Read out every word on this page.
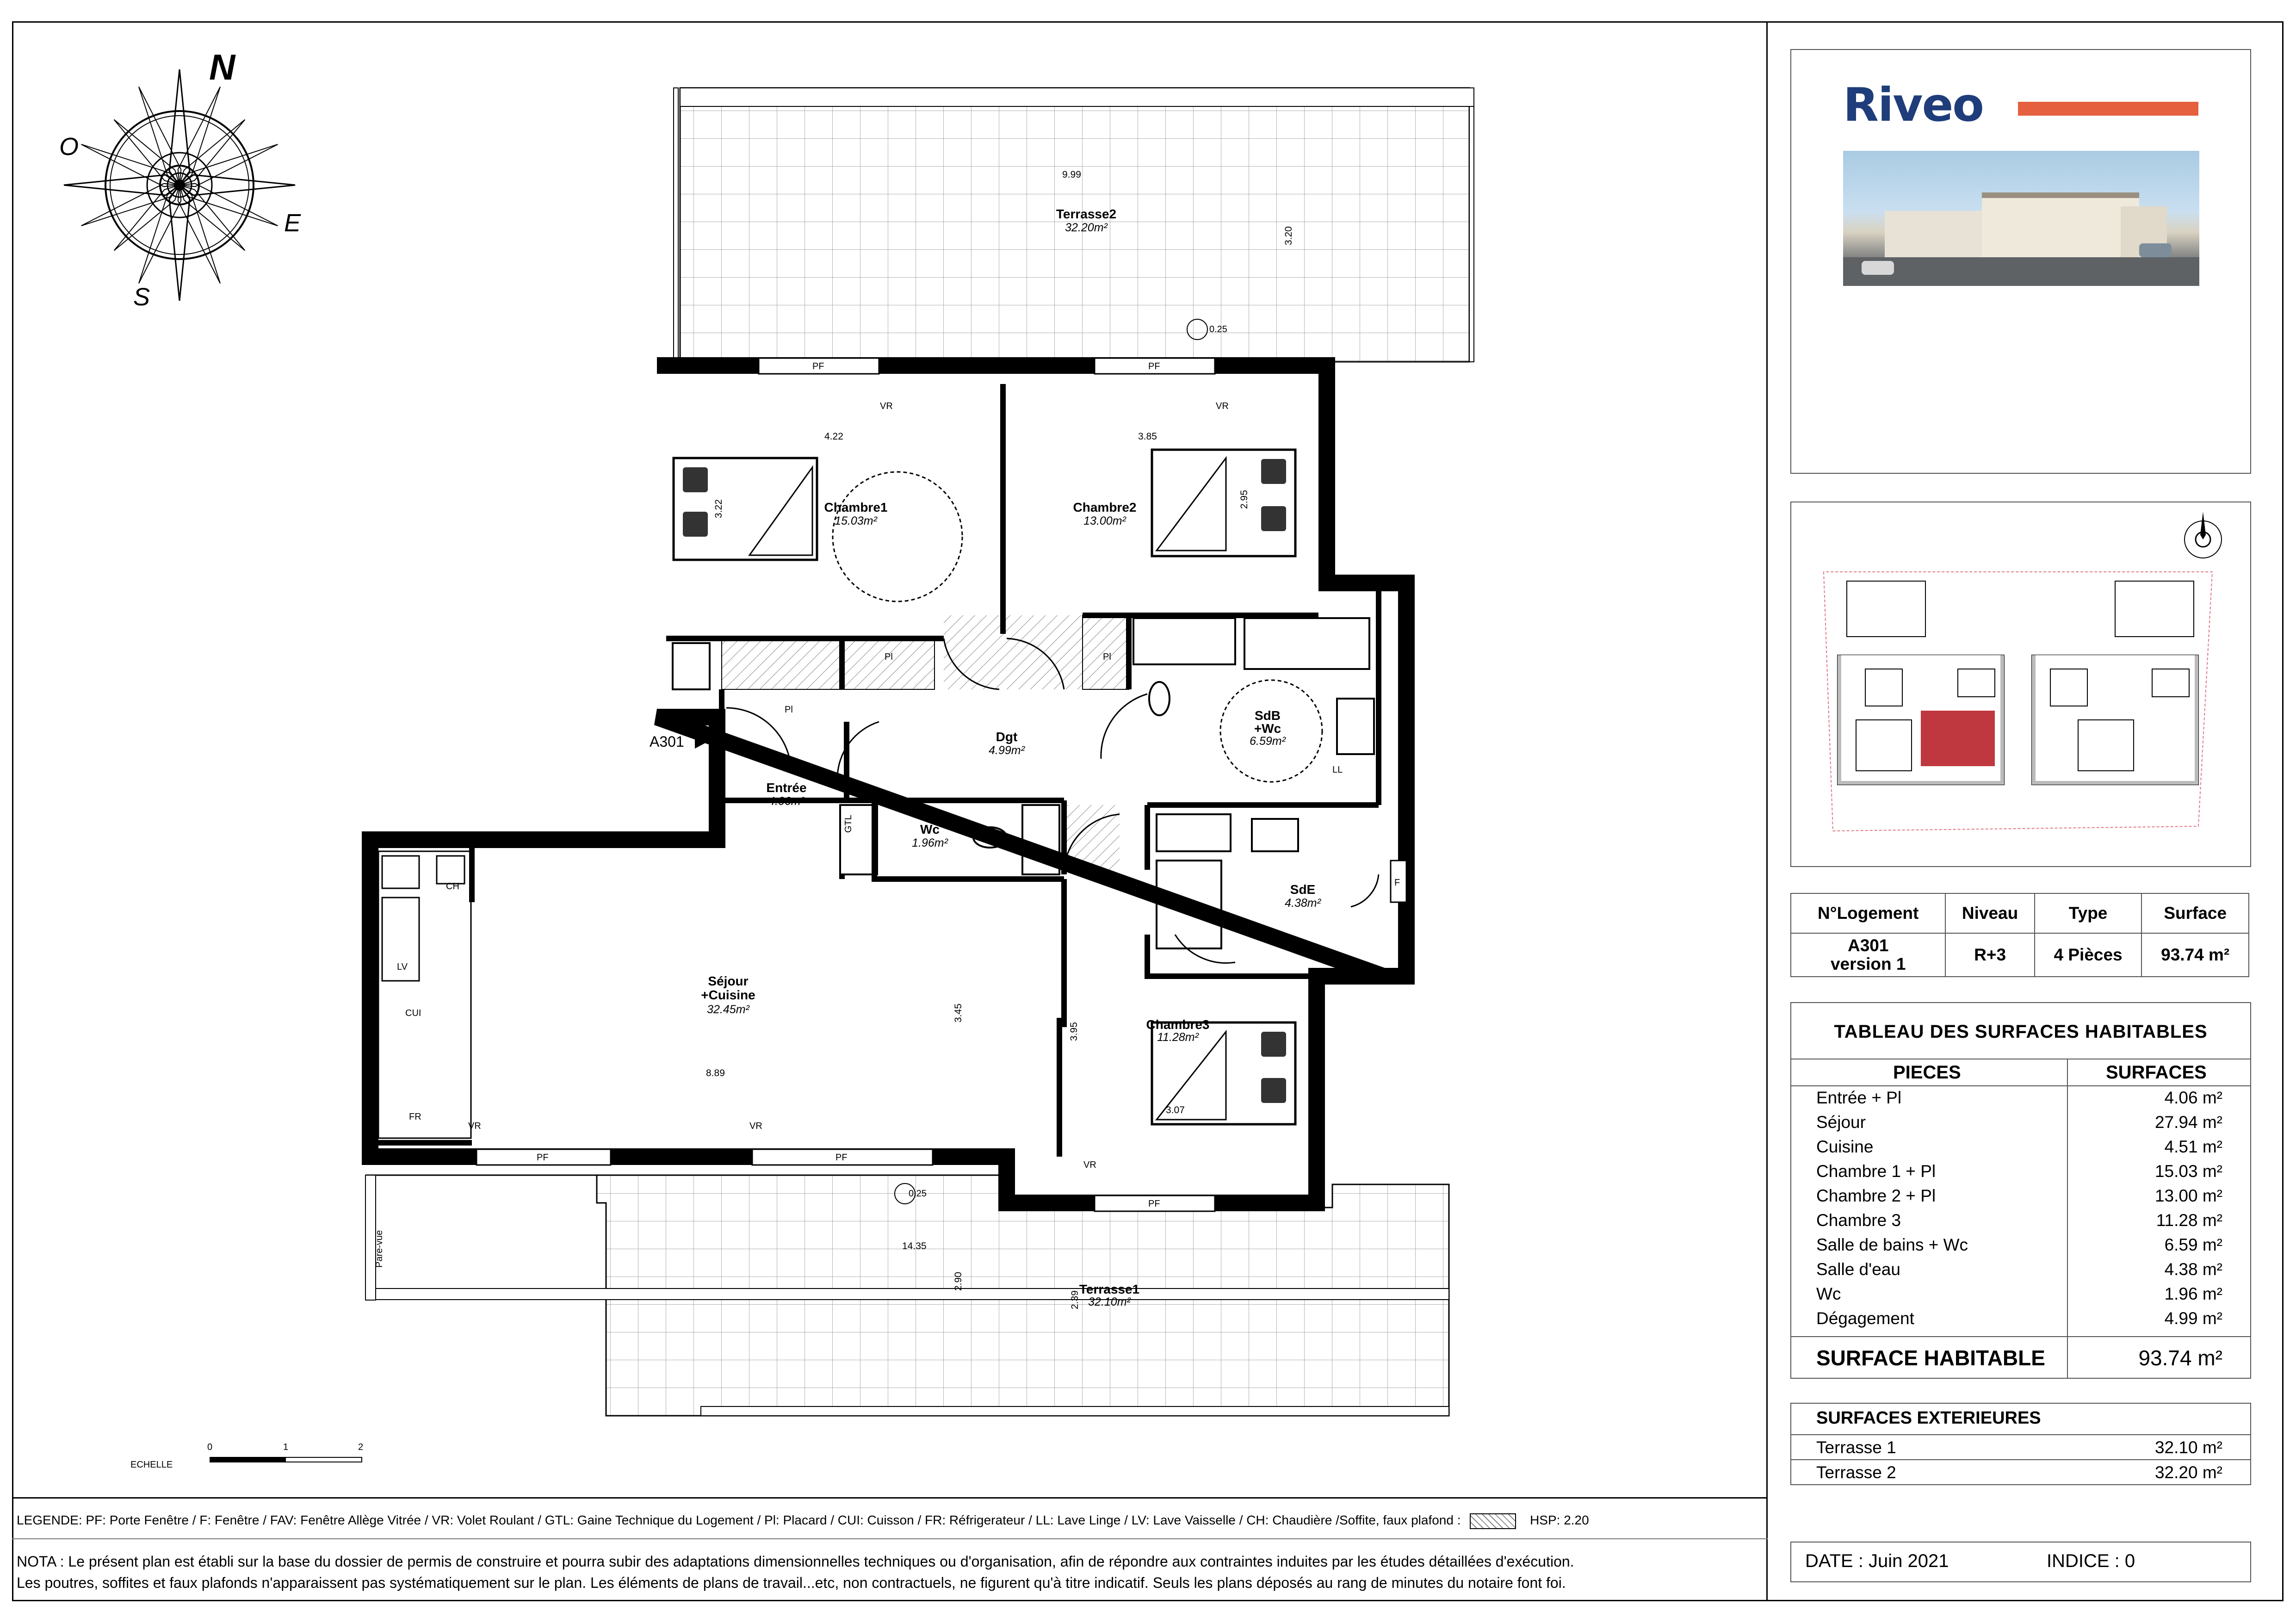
N
O
E
S
PF	PF
PF	PF
PF
F
VR	VR
VR	VR
VR
CH
CUI
FR
LV
LL
Pl
Pl	Pl
GTL
A301
0.25
0.25
Pare-vue
Terrasse2
32.20m²
Chambre1
15.03m²
Chambre2
13.00m²
Dgt
4.99m²
SdB
+Wc
6.59m²
Entrée
4.06m²
Wc
1.96m²
SdE
4.38m²
Séjour
+Cuisine
32.45m²
Chambre3
11.28m²
Terrasse1
32.10m²
9.99
3.20
4.22	3.85
3.22	2.95
3.45
8.89
3.95
3.07
14.35
2.90
2.39
ECHELLE
0	1	2
Riveo
N°Logement	Niveau	Type	Surface
A301
version 1	R+3	4 Pièces	93.74 m²
TABLEAU DES SURFACES HABITABLES
PIECES	SURFACES
Entrée + Pl	4.06 m²
Séjour	27.94 m²
Cuisine	4.51 m²
Chambre 1 + Pl	15.03 m²
Chambre 2 + Pl	13.00 m²
Chambre 3	11.28 m²
Salle de bains + Wc	6.59 m²
Salle d'eau	4.38 m²
Wc	1.96 m²
Dégagement	4.99 m²
SURFACE HABITABLE	93.74 m²
SURFACES EXTERIEURES
Terrasse 1	32.10 m²
Terrasse 2	32.20 m²
DATE : Juin 2021	INDICE : 0
LEGENDE: PF: Porte Fenêtre / F: Fenêtre / FAV: Fenêtre Allège Vitrée / VR: Volet Roulant / GTL: Gaine Technique du Logement / Pl: Placard / CUI: Cuisson / FR: Réfrigerateur / LL: Lave Linge / LV: Lave Vaisselle / CH: Chaudière /Soffite, faux plafond :	HSP: 2.20
NOTA : Le présent plan est établi sur la base du dossier de permis de construire et pourra subir des adaptations dimensionnelles techniques ou d'organisation, afin de répondre aux contraintes induites par les études détaillées d'exécution.
Les poutres, soffites et faux plafonds n'apparaissent pas systématiquement sur le plan. Les éléments de plans de travail...etc, non contractuels, ne figurent qu'à titre indicatif. Seuls les plans déposés au rang de minutes du notaire font foi.
